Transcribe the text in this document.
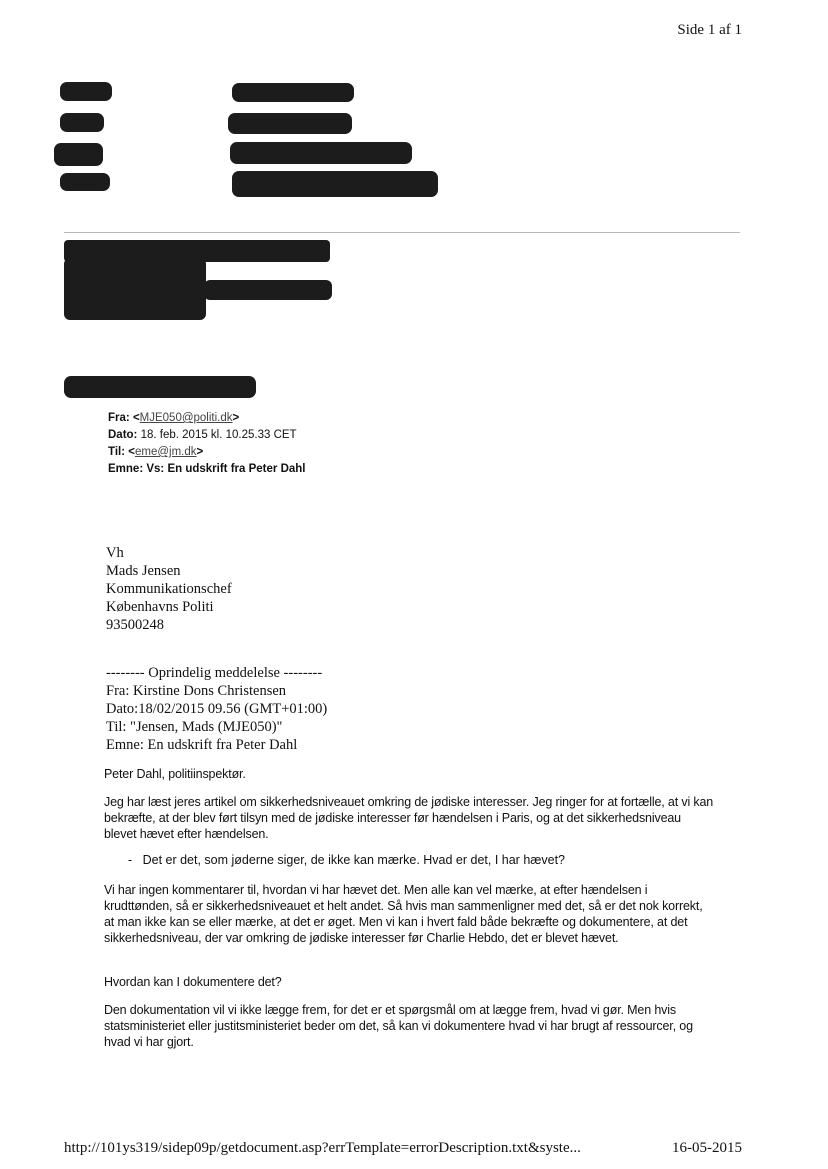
Side 1 af 1
Fra: <MJE050@politi.dk>
Dato: 18. feb. 2015 kl. 10.25.33 CET
Til: <eme@jm.dk>
Emne: Vs: En udskrift fra Peter Dahl
Vh
Mads Jensen
Kommunikationschef
Københavns Politi
93500248
-------- Oprindelig meddelelse --------
Fra: Kirstine Dons Christensen
Dato:18/02/2015 09.56 (GMT+01:00)
Til: "Jensen, Mads (MJE050)"
Emne: En udskrift fra Peter Dahl
Peter Dahl, politiinspektør.
Jeg har læst jeres artikel om sikkerhedsniveauet omkring de jødiske interesser. Jeg ringer for at fortælle, at vi kan bekræfte, at der blev ført tilsyn med de jødiske interesser før hændelsen i Paris, og at det sikkerhedsniveau blevet hævet efter hændelsen.
-   Det er det, som jøderne siger, de ikke kan mærke. Hvad er det, I har hævet?
Vi har ingen kommentarer til, hvordan vi har hævet det. Men alle kan vel mærke, at efter hændelsen i krudttønden, så er sikkerhedsniveauet et helt andet. Så hvis man sammenligner med det, så er det nok korrekt, at man ikke kan se eller mærke, at det er øget. Men vi kan i hvert fald både bekræfte og dokumentere, at det sikkerhedsniveau, der var omkring de jødiske interesser før Charlie Hebdo, det er blevet hævet.
Hvordan kan I dokumentere det?
Den dokumentation vil vi ikke lægge frem, for det er et spørgsmål om at lægge frem, hvad vi gør. Men hvis statsministeriet eller justitsministeriet beder om det, så kan vi dokumentere hvad vi har brugt af ressourcer, og hvad vi har gjort.
http://101ys319/sidep09p/getdocument.asp?errTemplate=errorDescription.txt&syste...	16-05-2015
